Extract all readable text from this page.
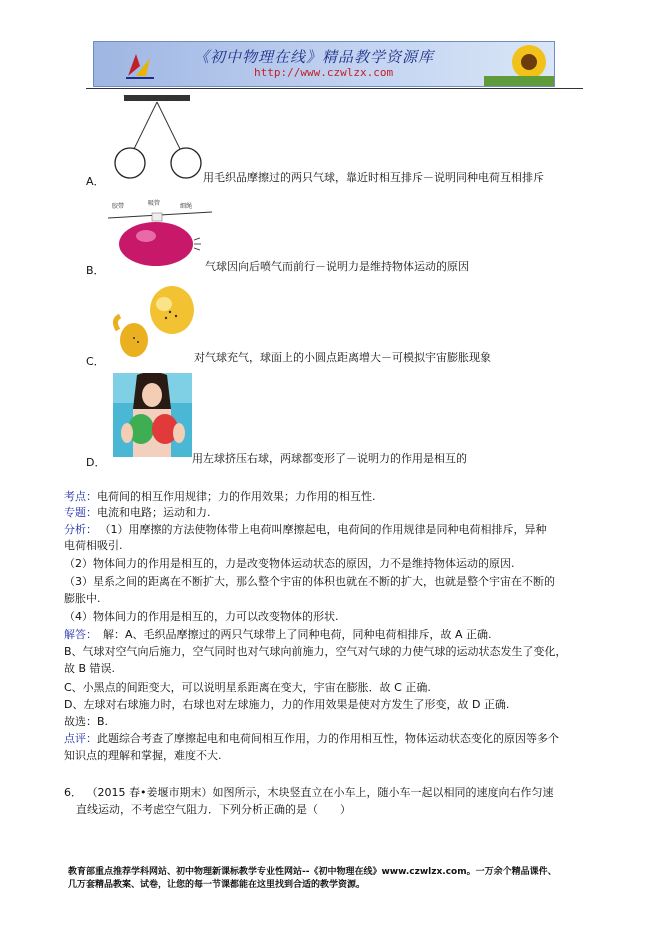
《初中物理在线》精品教学资源库
http://www.czwlzx.com
A．	用毛织品摩擦过的两只气球，靠近时相互排斥－说明同种电荷互相排斥
胶带	吸管	细绳
B．	气球因向后喷气而前行－说明力是维持物体运动的原因
C．	对气球充气，球面上的小圆点距离增大－可模拟宇宙膨胀现象
D．	用左球挤压右球，两球都变形了－说明力的作用是相互的
考点：电荷间的相互作用规律；力的作用效果；力作用的相互性.
专题：电流和电路；运动和力.
分析： （1）用摩擦的方法使物体带上电荷叫摩擦起电，电荷间的作用规律是同种电荷相排斥，异种
电荷相吸引.
（2）物体间力的作用是相互的，力是改变物体运动状态的原因，力不是维持物体运动的原因.
（3）星系之间的距离在不断扩大，那么整个宇宙的体积也就在不断的扩大，也就是整个宇宙在不断的
膨胀中.
（4）物体间力的作用是相互的，力可以改变物体的形状.
解答： 解：A、毛织品摩擦过的两只气球带上了同种电荷，同种电荷相排斥，故 A 正确.
B、气球对空气向后施力，空气同时也对气球向前施力，空气对气球的力使气球的运动状态发生了变化，
故 B 错误.
C、小黑点的间距变大，可以说明星系距离在变大，宇宙在膨胀．故 C 正确.
D、左球对右球施力时，右球也对左球施力，力的作用效果是使对方发生了形变，故 D 正确.
故选：B.
点评：此题综合考查了摩擦起电和电荷间相互作用，力的作用相互性，物体运动状态变化的原因等多个
知识点的理解和掌握，难度不大.
6． （2015 春•姜堰市期末）如图所示，木块竖直立在小车上，随小车一起以相同的速度向右作匀速
直线运动，不考虑空气阻力．下列分析正确的是（　　）
教育部重点推荐学科网站、初中物理新课标教学专业性网站--《初中物理在线》www.czwlzx.com。一万余个精品课件、
几万套精品教案、试卷，让您的每一节课都能在这里找到合适的教学资源。
